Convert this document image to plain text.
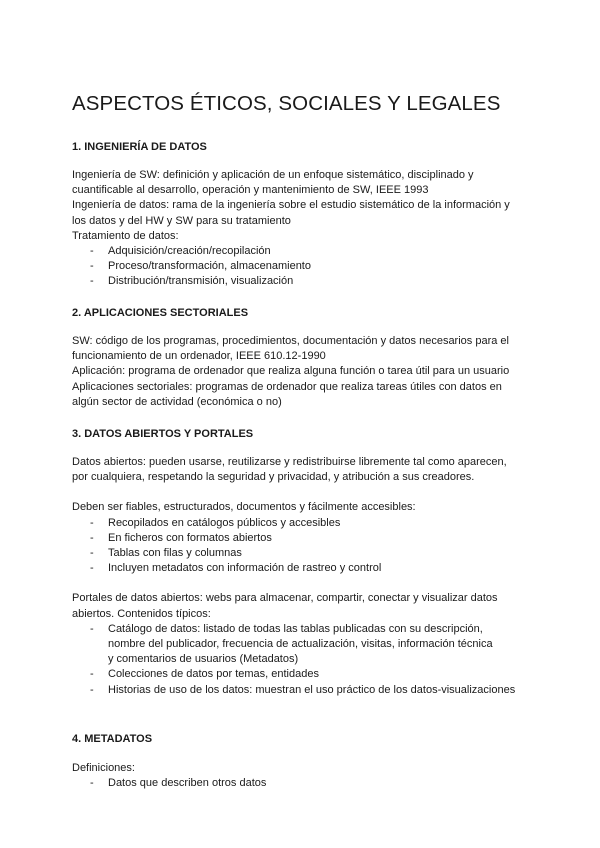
ASPECTOS ÉTICOS, SOCIALES Y LEGALES
1. INGENIERÍA DE DATOS

Ingeniería de SW: definición y aplicación de un enfoque sistemático, disciplinado y

cuantificable al desarrollo, operación y mantenimiento de SW, IEEE 1993

Ingeniería de datos: rama de la ingeniería sobre el estudio sistemático de la información y

los datos y del HW y SW para su tratamiento

Tratamiento de datos:

- Adquisición/creación/recopilación
- Proceso/transformación, almacenamiento
- Distribución/transmisión, visualización
2. APLICACIONES SECTORIALES

SW: código de los programas, procedimientos, documentación y datos necesarios para el

funcionamiento de un ordenador, IEEE 610.12-1990

Aplicación: programa de ordenador que realiza alguna función o tarea útil para un usuario

Aplicaciones sectoriales: programas de ordenador que realiza tareas útiles con datos en

algún sector de actividad (económica o no)

3. DATOS ABIERTOS Y PORTALES

Datos abiertos: pueden usarse, reutilizarse y redistribuirse libremente tal como aparecen,

por cualquiera, respetando la seguridad y privacidad, y atribución a sus creadores.

Deben ser fiables, estructurados, documentos y fácilmente accesibles:

- Recopilados en catálogos públicos y accesibles
- En ficheros con formatos abiertos
- Tablas con filas y columnas
- Incluyen metadatos con información de rastreo y control

Portales de datos abiertos: webs para almacenar, compartir, conectar y visualizar datos

abiertos. Contenidos típicos:

- Catálogo de datos: listado de todas las tablas publicadas con su descripción,
nombre del publicador, frecuencia de actualización, visitas, información técnica
y comentarios de usuarios (Metadatos)
- Colecciones de datos por temas, entidades
- Historias de uso de los datos: muestran el uso práctico de los datos-visualizaciones
4. METADATOS

Definiciones:

- Datos que describen otros datos
